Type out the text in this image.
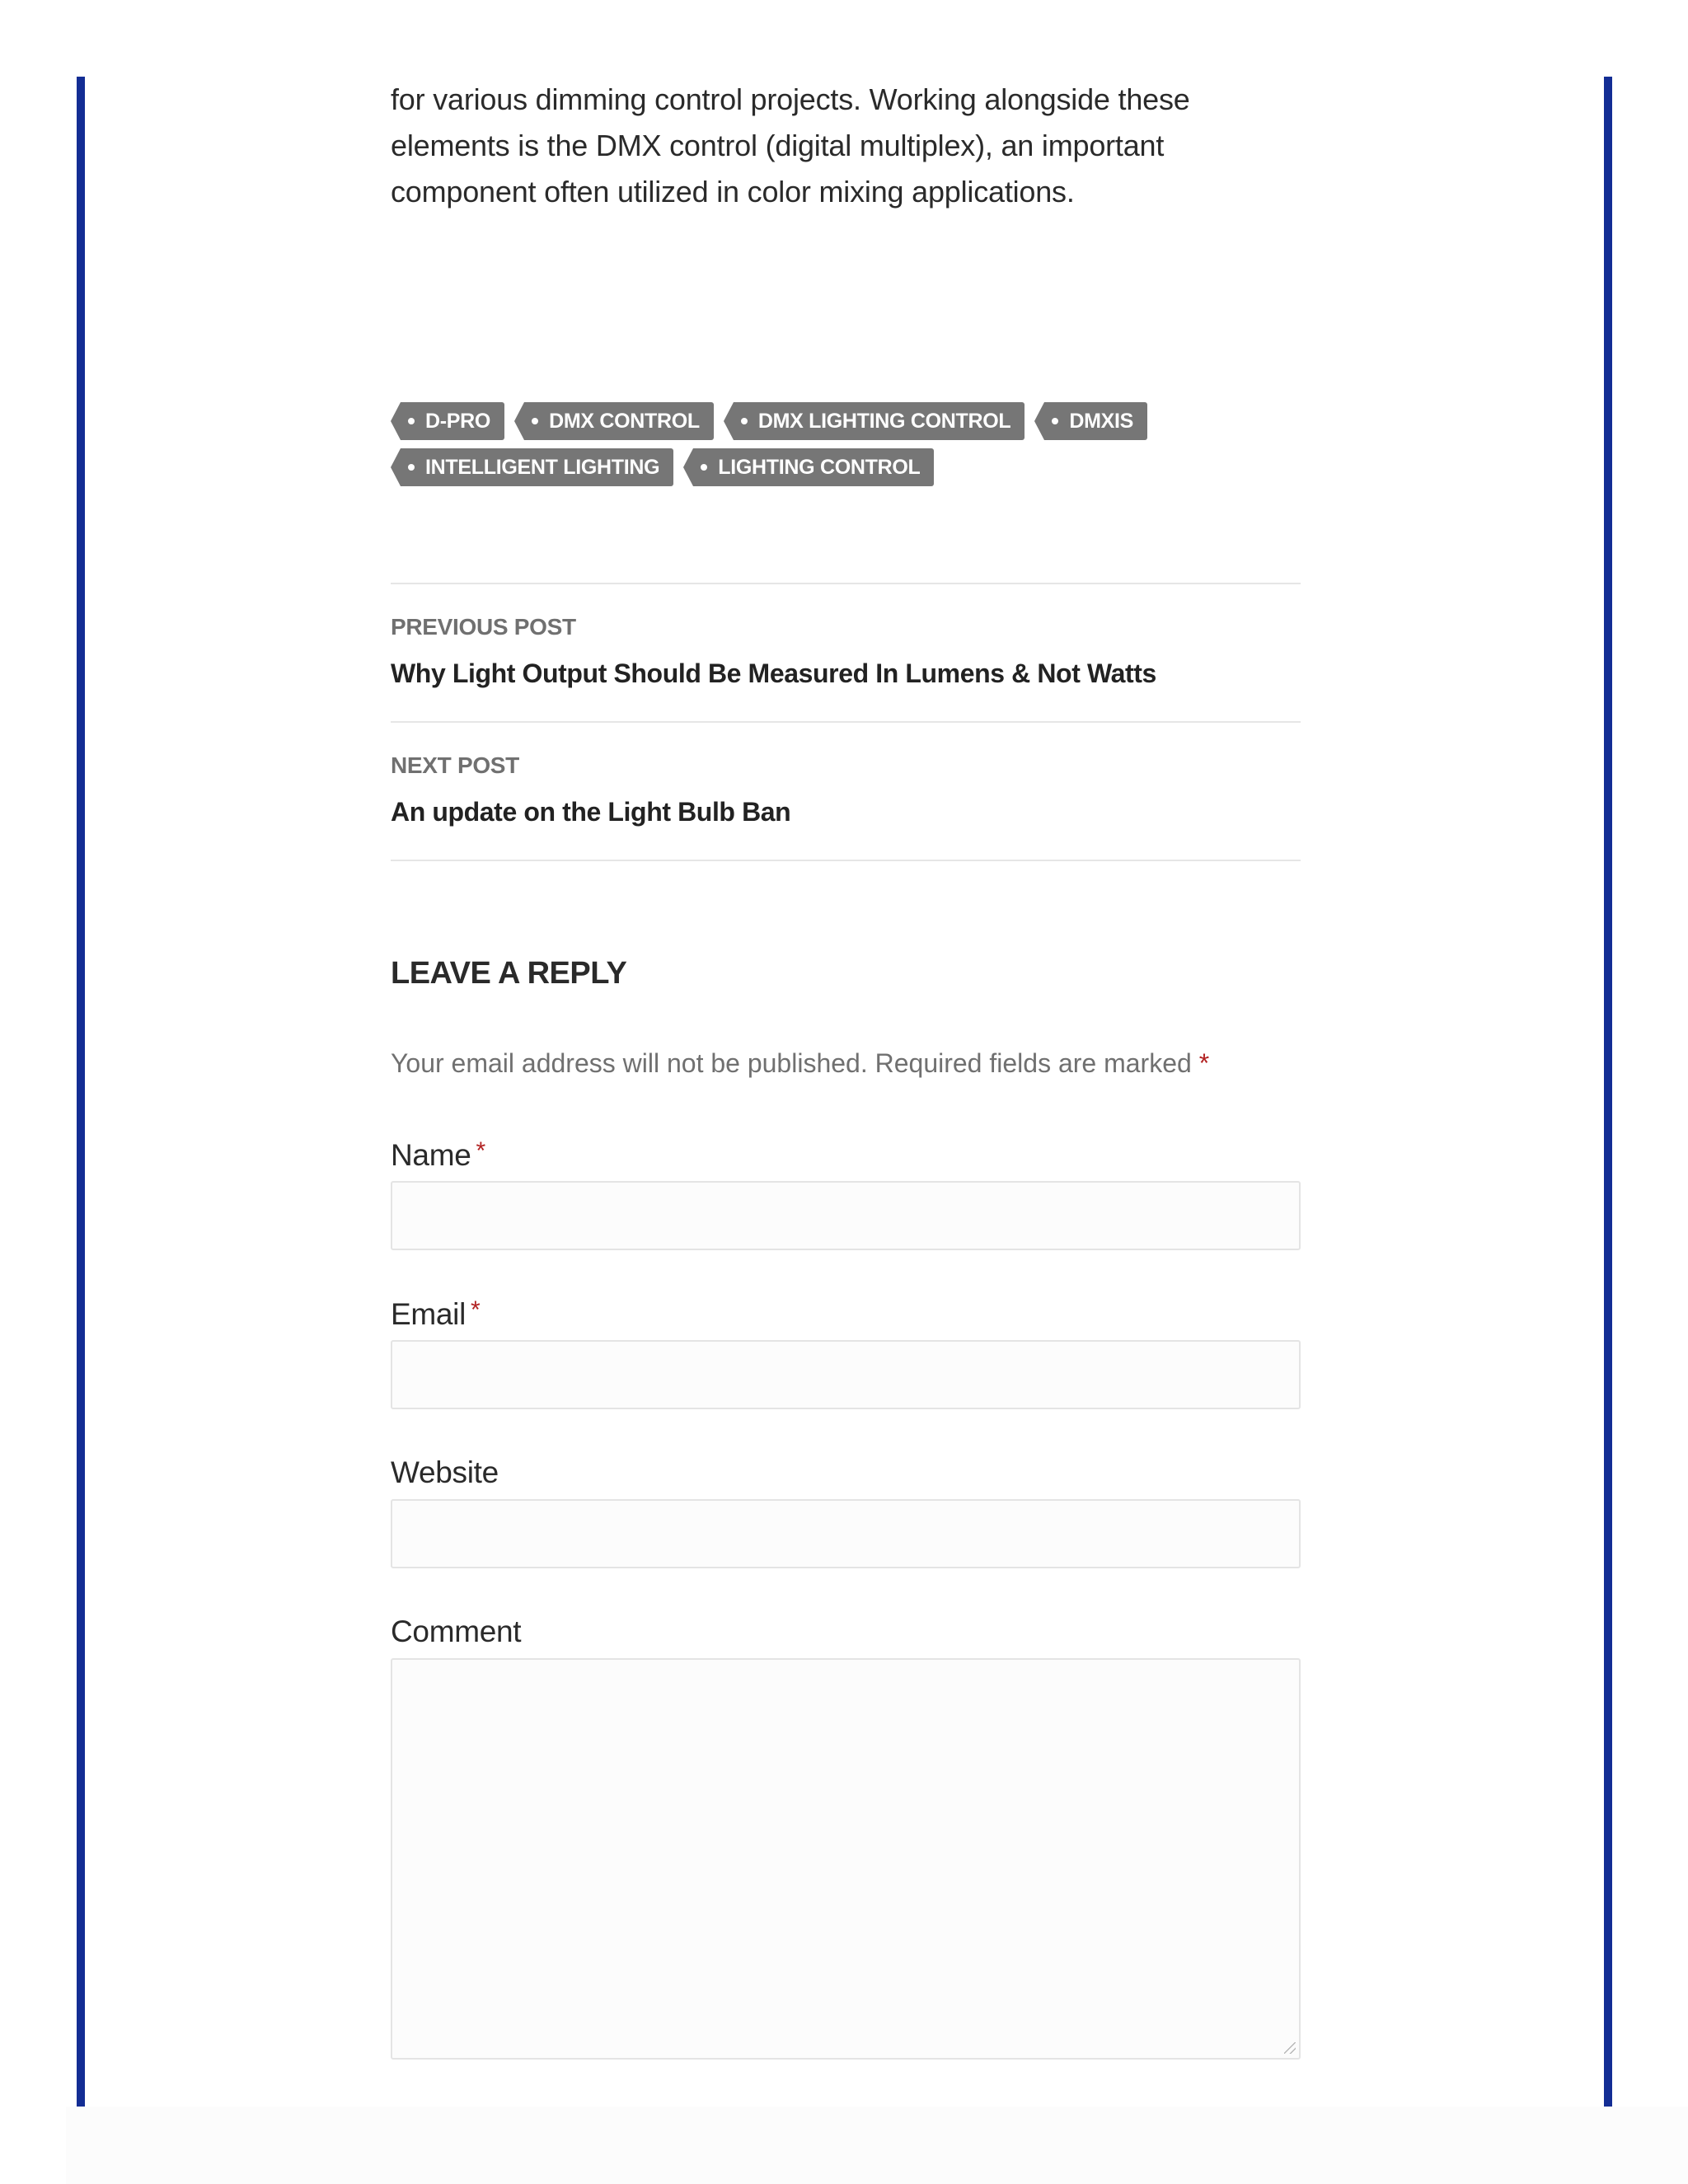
for various dimming control projects. Working alongside these
elements is the DMX control (digital multiplex), an important
component often utilized in color mixing applications.

D-PRO	DMX CONTROL	DMX LIGHTING CONTROL	DMXIS
INTELLIGENT LIGHTING	LIGHTING CONTROL
PREVIOUS POST
Why Light Output Should Be Measured In Lumens & Not Watts
NEXT POST
An update on the Light Bulb Ban
LEAVE A REPLY

Your email address will not be published. Required fields are marked *

Name *
Email *
Website
Comment
